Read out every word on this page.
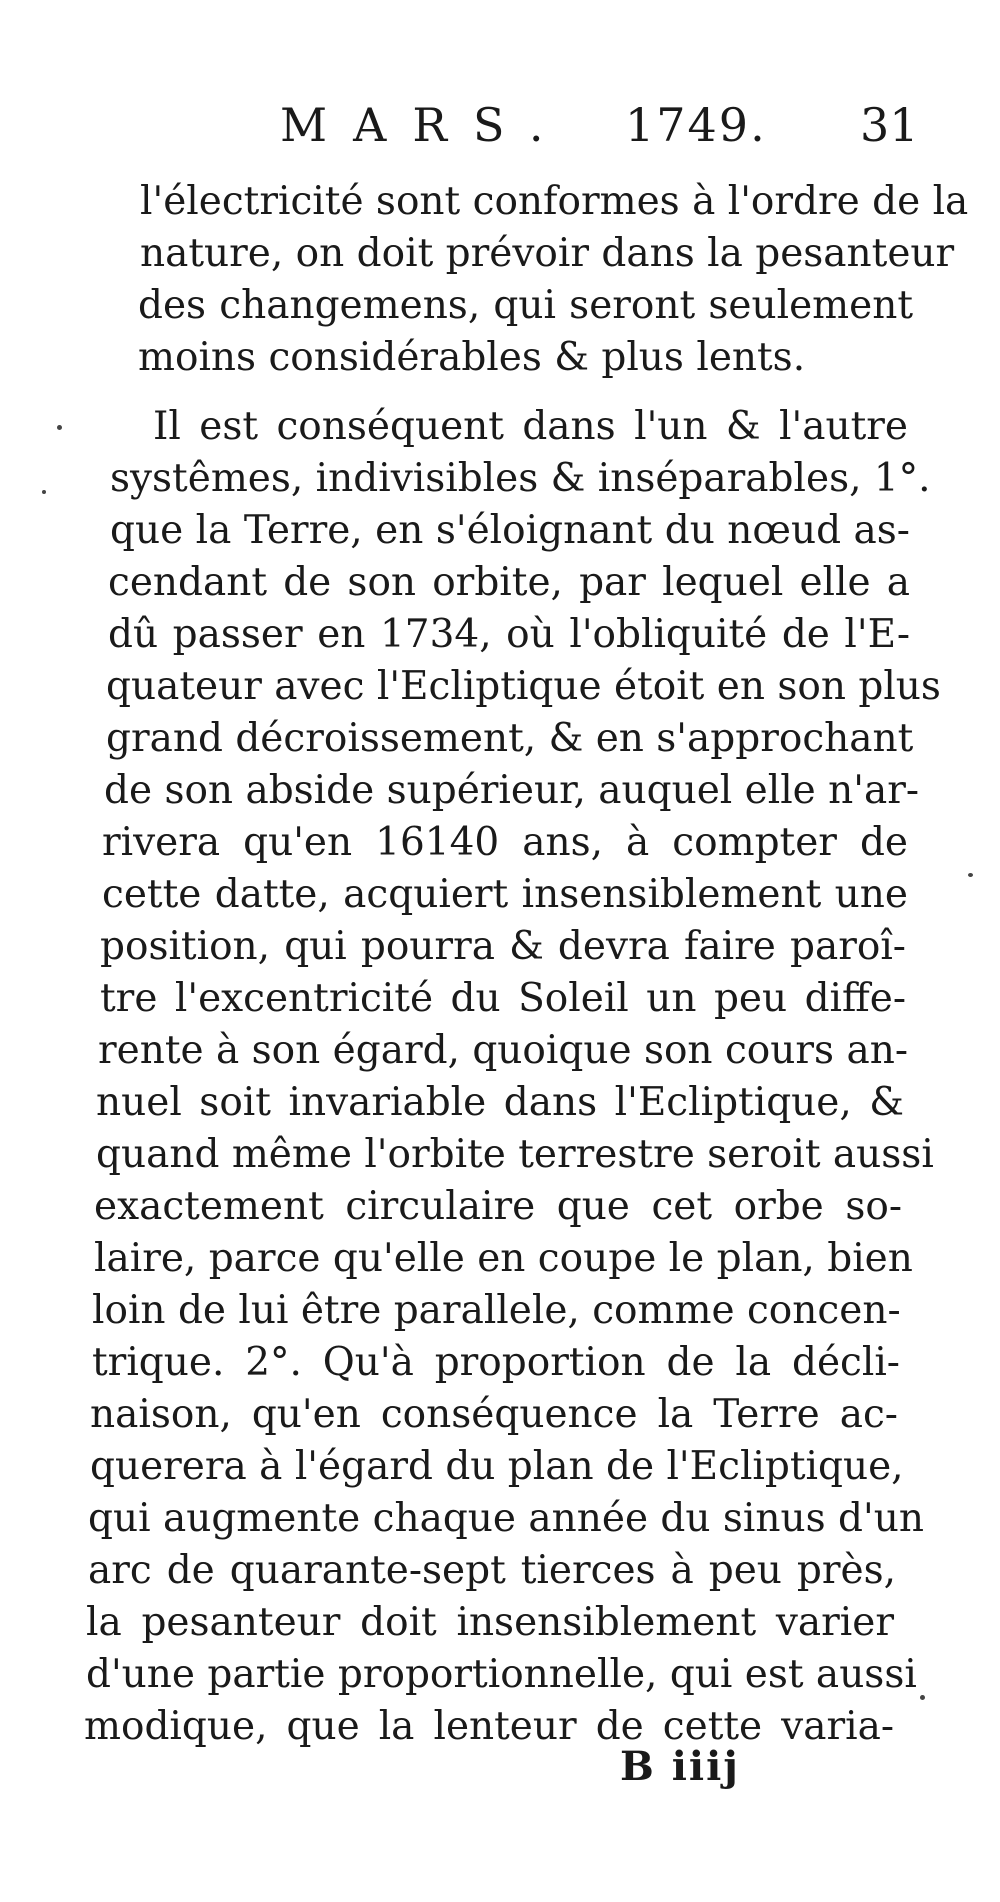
MARS. 1749. 31
l'électricité sont conformes à l'ordre de la
nature, on doit prévoir dans la pesanteur
des changemens, qui seront seulement
moins considérables & plus lents.
Il est conséquent dans l'un & l'autre
systêmes, indivisibles & inséparables, 1°.
que la Terre, en s'éloignant du nœud as-
cendant de son orbite, par lequel elle a
dû passer en 1734, où l'obliquité de l'E-
quateur avec l'Ecliptique étoit en son plus
grand décroissement, & en s'approchant
de son abside supérieur, auquel elle n'ar-
rivera qu'en 16140 ans, à compter de
cette datte, acquiert insensiblement une
position, qui pourra & devra faire paroî-
tre l'excentricité du Soleil un peu diffe-
rente à son égard, quoique son cours an-
nuel soit invariable dans l'Ecliptique, &
quand même l'orbite terrestre seroit aussi
exactement circulaire que cet orbe so-
laire, parce qu'elle en coupe le plan, bien
loin de lui être parallele, comme concen-
trique. 2°. Qu'à proportion de la décli-
naison, qu'en conséquence la Terre ac-
querera à l'égard du plan de l'Ecliptique,
qui augmente chaque année du sinus d'un
arc de quarante-sept tierces à peu près,
la pesanteur doit insensiblement varier
d'une partie proportionnelle, qui est aussi
modique, que la lenteur de cette varia-
B iiij
